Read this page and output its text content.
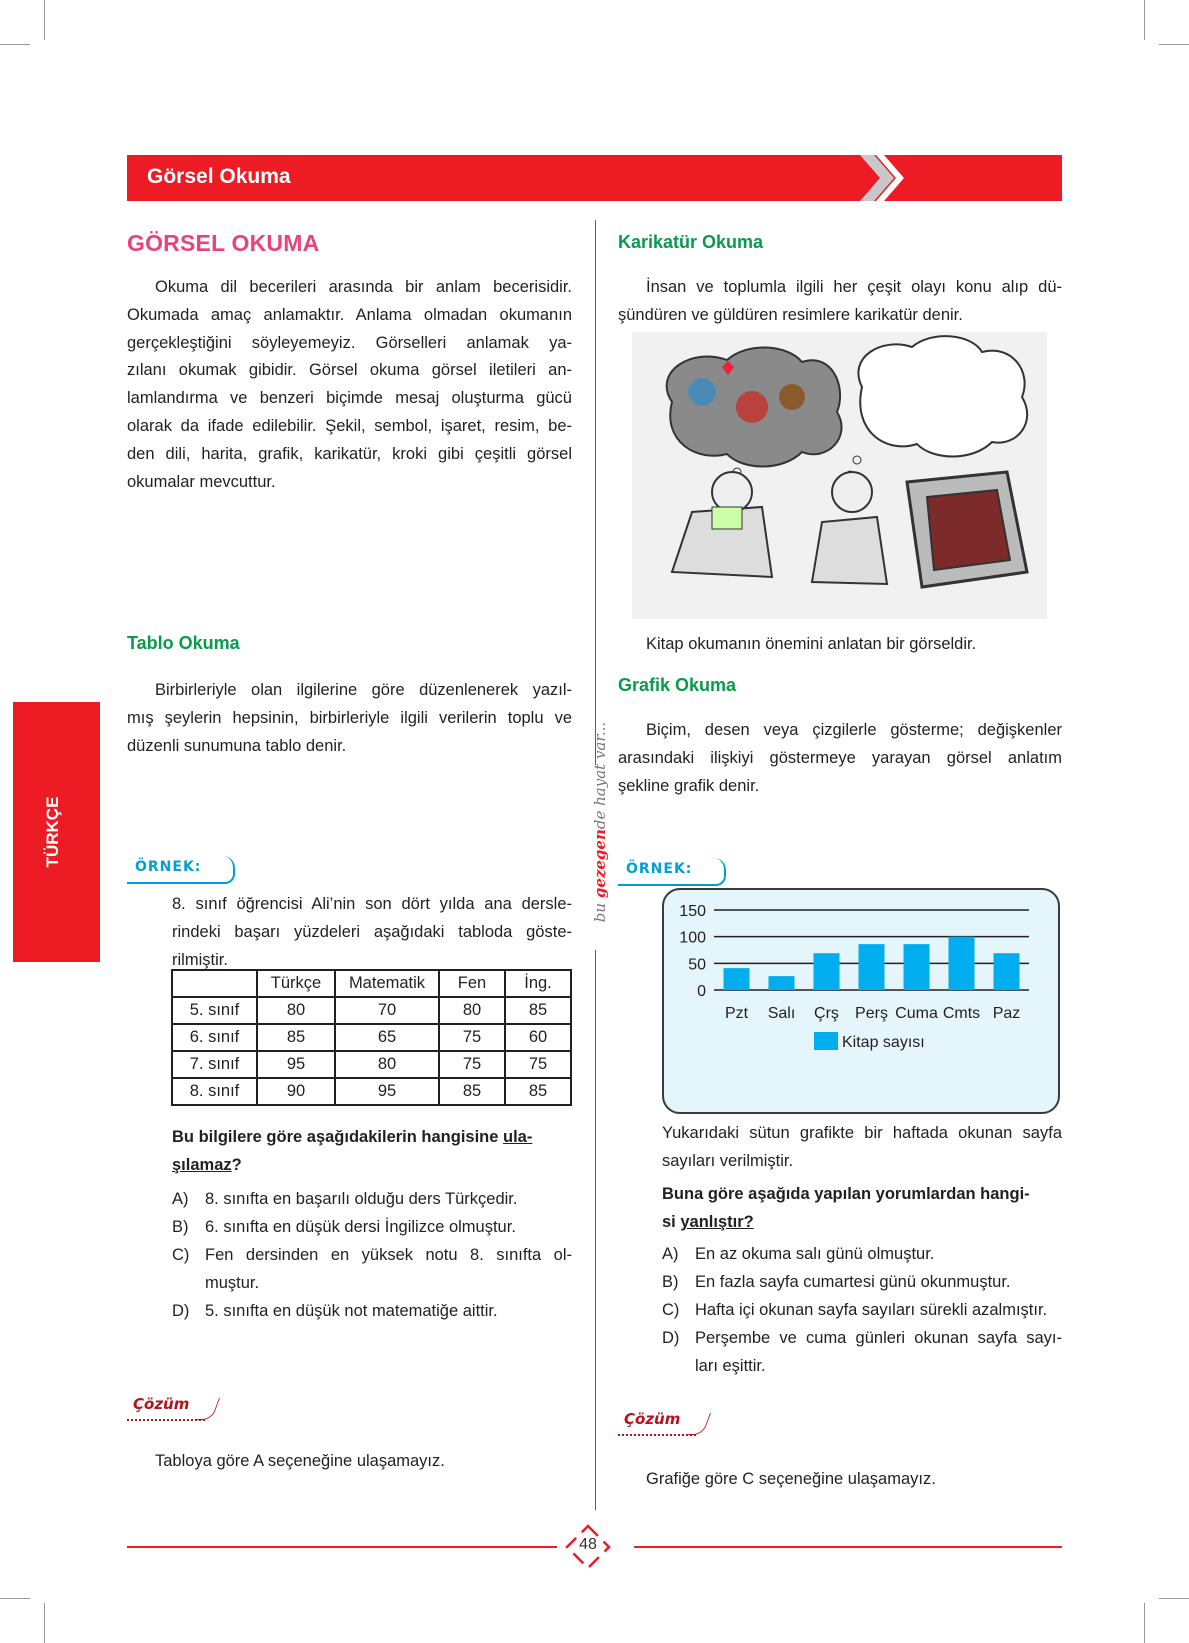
Görsel Okuma
GÖRSEL OKUMA
Okuma dil becerileri arasında bir anlam becerisidir.
Okumada amaç anlamaktır. Anlama olmadan okumanın
gerçekleştiğini söyleyemeyiz. Görselleri anlamak ya-
zılanı okumak gibidir. Görsel okuma görsel iletileri an-
lamlandırma ve benzeri biçimde mesaj oluşturma gücü
olarak da ifade edilebilir. Şekil, sembol, işaret, resim, be-
den dili, harita, grafik, karikatür, kroki gibi çeşitli görsel
okumalar mevcuttur.
Tablo Okuma
Birbirleriyle olan ilgilerine göre düzenlenerek yazıl-
mış şeylerin hepsinin, birbirleriyle ilgili verilerin toplu ve
düzenli sunumuna tablo denir.
TÜRKÇE	ÖRNEK:
8. sınıf öğrencisi Ali’nin son dört yılda ana dersle-
rindeki başarı yüzdeleri aşağıdaki tabloda göste-
rilmiştir.
	Türkçe	Matematik	Fen	İng.
5. sınıf	80	70	80	85
6. sınıf	85	65	75	60
7. sınıf	95	80	75	75
8. sınıf	90	95	85	85
Bu bilgilere göre aşağıdakilerin hangisine ula-
şılamaz?
A)	8. sınıfta en başarılı olduğu ders Türkçedir.
B)	6. sınıfta en düşük dersi İngilizce olmuştur.
C) Fen dersinden en yüksek notu 8. sınıfta ol-
muştur.
D) 5. sınıfta en düşük not matematiğe aittir.
Çözüm
Tabloya göre A seçeneğine ulaşamayız.
bu gezegende hayat var...
Karikatür Okuma
İnsan ve toplumla ilgili her çeşit olayı konu alıp dü-
şündüren ve güldüren resimlere karikatür denir.
Kitap okumanın önemini anlatan bir görseldir.
Grafik Okuma
Biçim, desen veya çizgilerle gösterme; değişkenler
arasındaki ilişkiyi göstermeye yarayan görsel anlatım
şekline grafik denir.
ÖRNEK:
0
50
100
150
Pzt Salı Çrş Perş Cuma Cmts Paz
Kitap sayısı
Yukarıdaki sütun grafikte bir haftada okunan sayfa
sayıları verilmiştir.
Buna göre aşağıda yapılan yorumlardan hangi-
si yanlıştır?
A)	En az okuma salı günü olmuştur.
B)	En fazla sayfa cumartesi günü okunmuştur.
C) Hafta içi okunan sayfa sayıları sürekli azalmıştır.
D) Perşembe ve cuma günleri okunan sayfa sayı-
ları eşittir.
Çözüm
Grafiğe göre C seçeneğine ulaşamayız.
48
